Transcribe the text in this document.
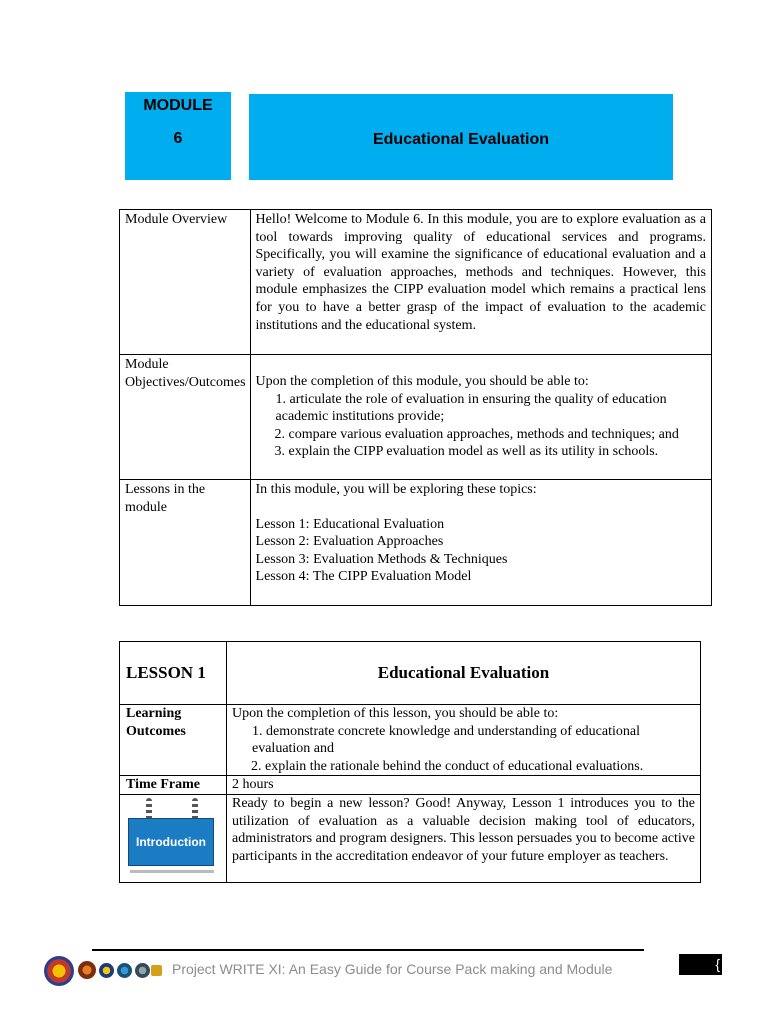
MODULE
6	Educational Evaluation
Module Overview	Hello! Welcome to Module 6. In this module, you are to explore evaluation as a tool towards improving quality of educational services and programs. Specifically, you will examine the significance of educational evaluation and a variety of evaluation approaches, methods and techniques. However, this module emphasizes the CIPP evaluation model which remains a practical lens for you to have a better grasp of the impact of evaluation to the academic institutions and the educational system.

Module Objectives/Outcomes	Upon the completion of this module, you should be able to:

1. articulate the role of evaluation in ensuring the quality of education academic institutions provide;

2. compare various evaluation approaches, methods and techniques; and

3. explain the CIPP evaluation model as well as its utility in schools.

Lessons in the module	In this module, you will be exploring these topics:

Lesson 1: Educational Evaluation

Lesson 2: Evaluation Approaches

Lesson 3: Evaluation Methods & Techniques

Lesson 4: The CIPP Evaluation Model

LESSON 1	Educational Evaluation
Learning Outcomes	Upon the completion of this lesson, you should be able to:

1. demonstrate concrete knowledge and understanding of educational evaluation and

2. explain the rationale behind the conduct of educational evaluations.

Time Frame	2 hours

Introduction	Ready to begin a new lesson? Good! Anyway, Lesson 1 introduces you to the utilization of evaluation as a valuable decision making tool of educators, administrators and program designers. This lesson persuades you to become active participants in the accreditation endeavor of your future employer as teachers.

Project WRITE XI: An Easy Guide for Course Pack making and Module	{
